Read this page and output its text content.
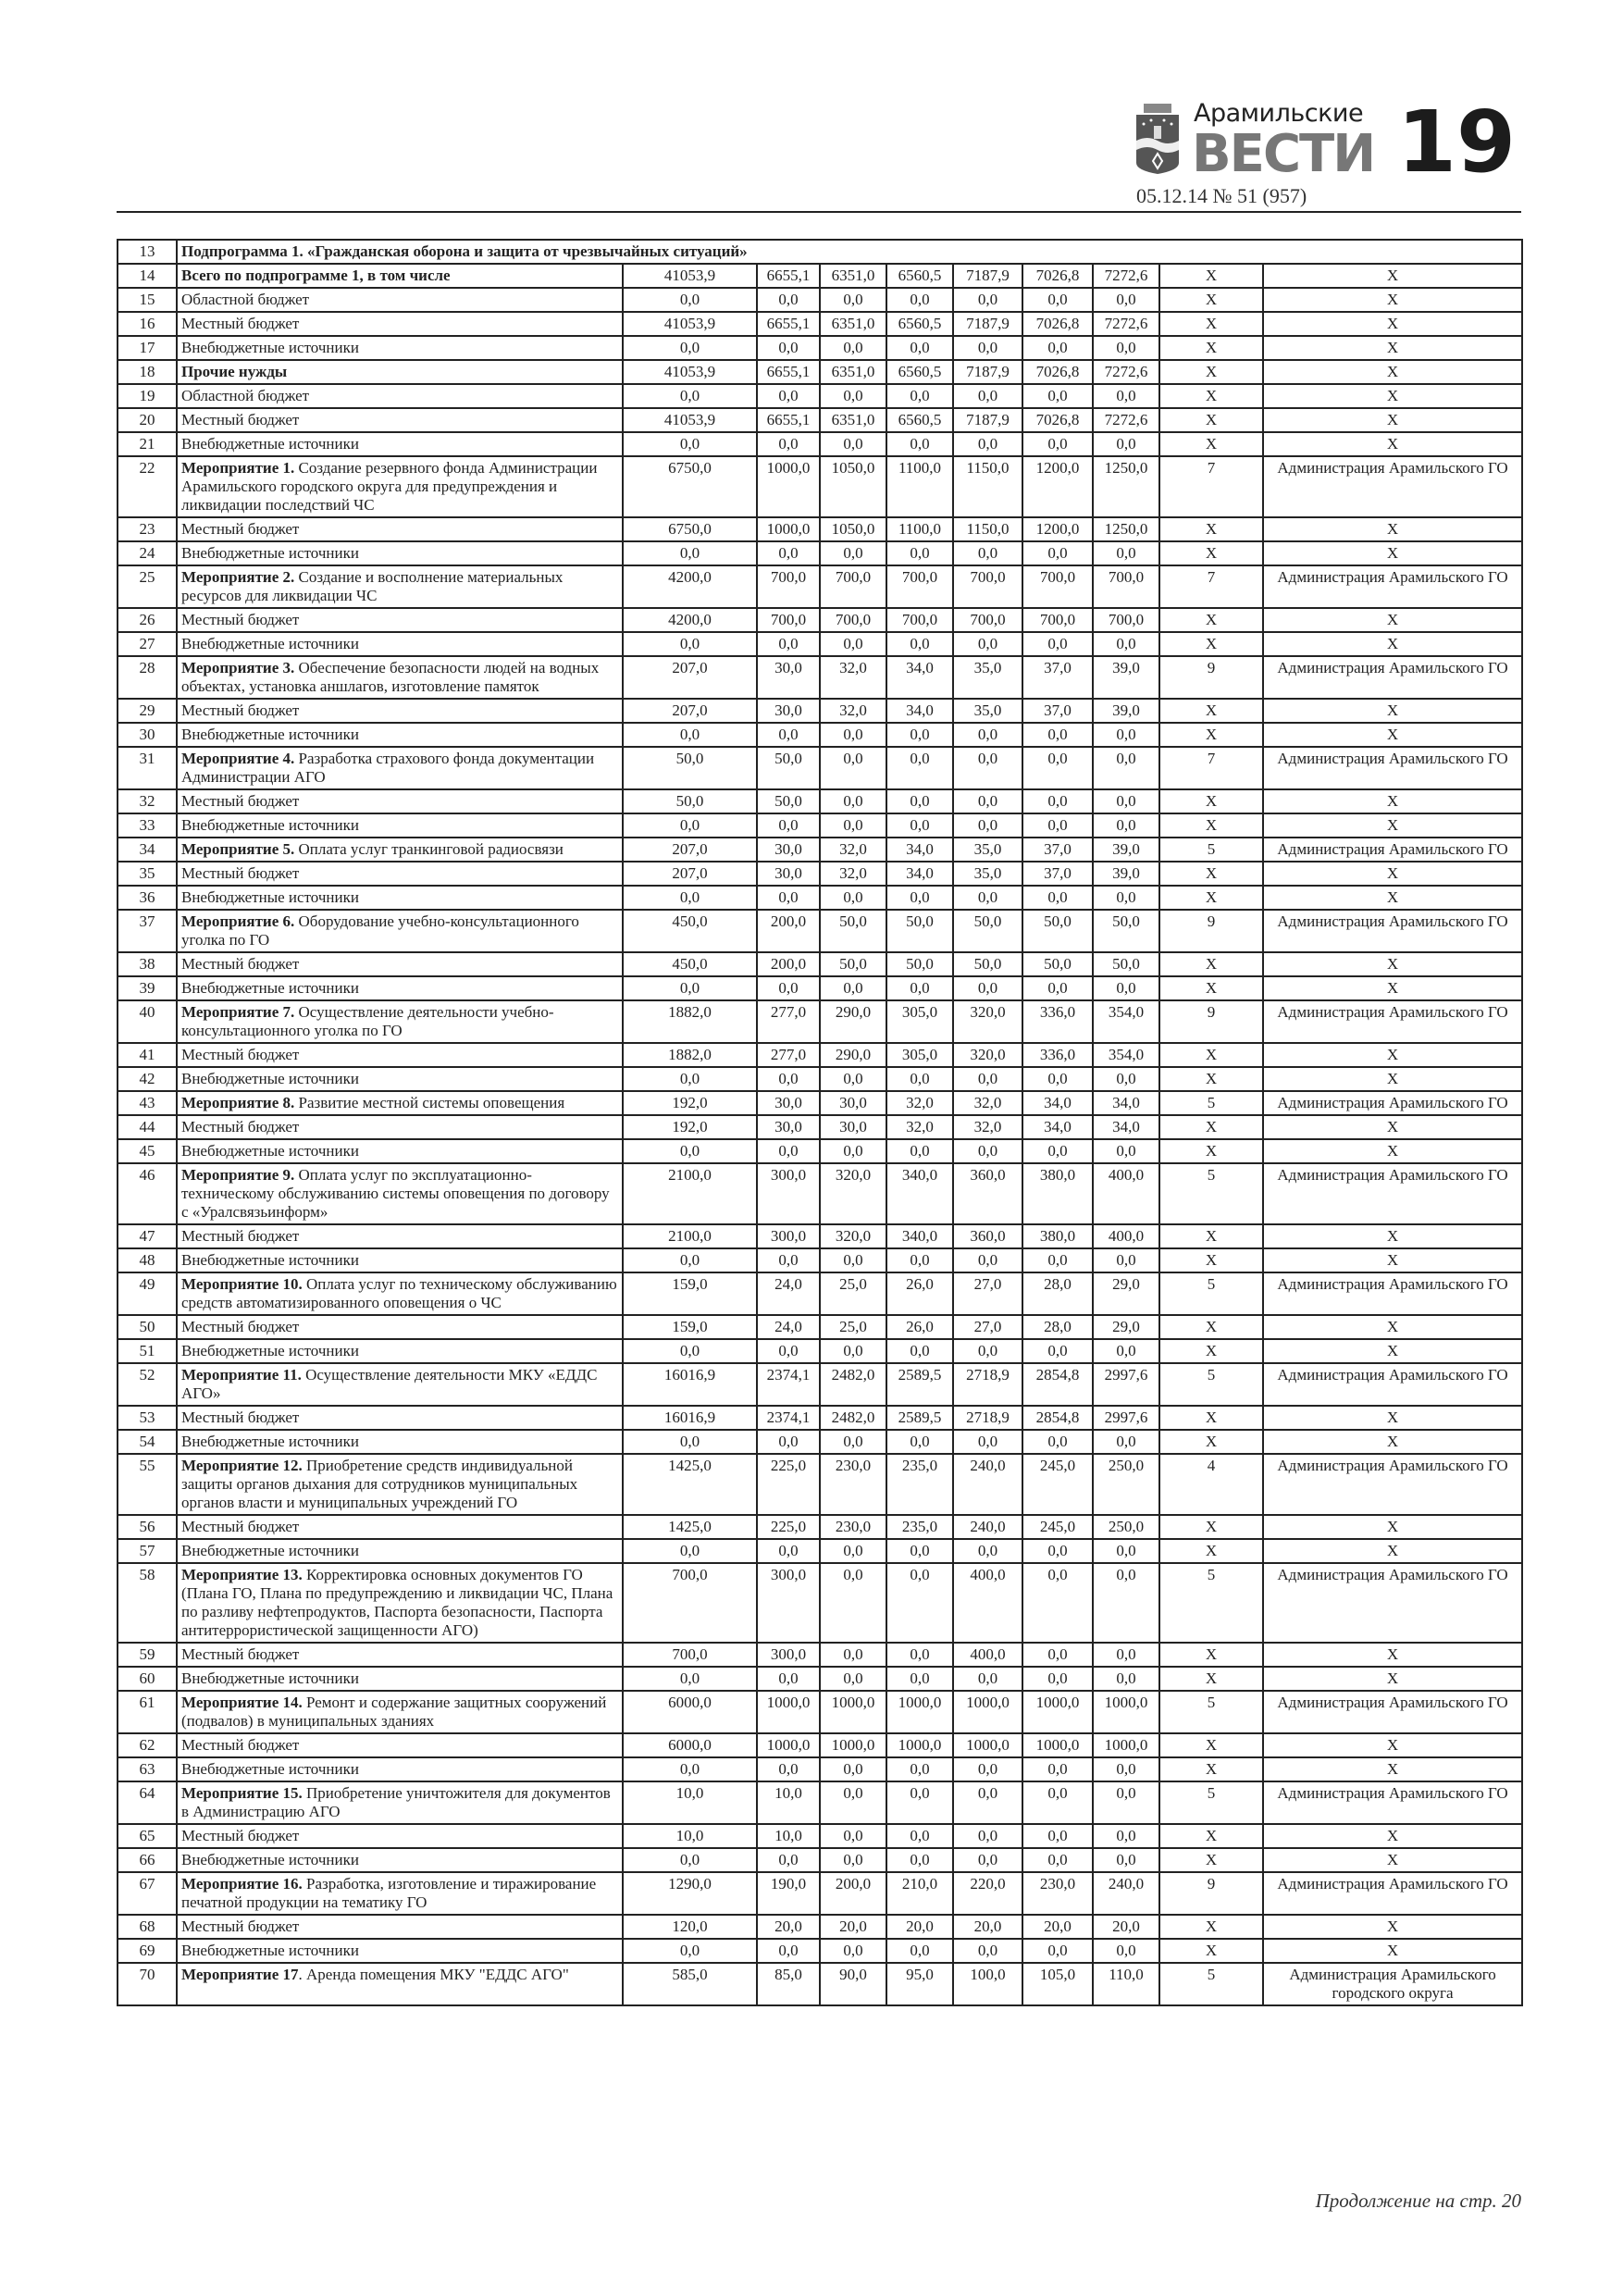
Арамильские
ВЕСТИ 19
05.12.14 № 51 (957)
13	Подпрограмма 1. «Гражданская оборона и защита от чрезвычайных ситуаций»									
14	Всего по подпрограмме 1, в том числе	41053,9	6655,1	6351,0	6560,5	7187,9	7026,8	7272,6	X	X
15	Областной бюджет	0,0	0,0	0,0	0,0	0,0	0,0	0,0	X	X
16	Местный бюджет	41053,9	6655,1	6351,0	6560,5	7187,9	7026,8	7272,6	X	X
17	Внебюджетные источники	0,0	0,0	0,0	0,0	0,0	0,0	0,0	X	X
18	Прочие нужды	41053,9	6655,1	6351,0	6560,5	7187,9	7026,8	7272,6	X	X
19	Областной бюджет	0,0	0,0	0,0	0,0	0,0	0,0	0,0	X	X
20	Местный бюджет	41053,9	6655,1	6351,0	6560,5	7187,9	7026,8	7272,6	X	X
21	Внебюджетные источники	0,0	0,0	0,0	0,0	0,0	0,0	0,0	X	X
22	Мероприятие 1. Создание резервного фонда Администрации Арамильского городского округа для предупреждения и ликвидации последствий ЧС	6750,0	1000,0	1050,0	1100,0	1150,0	1200,0	1250,0	7	Администрация Арамильского ГО
23	Местный бюджет	6750,0	1000,0	1050,0	1100,0	1150,0	1200,0	1250,0	X	X
24	Внебюджетные источники	0,0	0,0	0,0	0,0	0,0	0,0	0,0	X	X
25	Мероприятие 2. Создание и восполнение материальных ресурсов для ликвидации ЧС	4200,0	700,0	700,0	700,0	700,0	700,0	700,0	7	Администрация Арамильского ГО
26	Местный бюджет	4200,0	700,0	700,0	700,0	700,0	700,0	700,0	X	X
27	Внебюджетные источники	0,0	0,0	0,0	0,0	0,0	0,0	0,0	X	X
28	Мероприятие 3. Обеспечение безопасности людей на водных объектах, установка аншлагов, изготовление памяток	207,0	30,0	32,0	34,0	35,0	37,0	39,0	9	Администрация Арамильского ГО
29	Местный бюджет	207,0	30,0	32,0	34,0	35,0	37,0	39,0	X	X
30	Внебюджетные источники	0,0	0,0	0,0	0,0	0,0	0,0	0,0	X	X
31	Мероприятие 4. Разработка страхового фонда документации Администрации АГО	50,0	50,0	0,0	0,0	0,0	0,0	0,0	7	Администрация Арамильского ГО
32	Местный бюджет	50,0	50,0	0,0	0,0	0,0	0,0	0,0	X	X
33	Внебюджетные источники	0,0	0,0	0,0	0,0	0,0	0,0	0,0	X	X
34	Мероприятие 5. Оплата услуг транкинговой радиосвязи	207,0	30,0	32,0	34,0	35,0	37,0	39,0	5	Администрация Арамильского ГО
35	Местный бюджет	207,0	30,0	32,0	34,0	35,0	37,0	39,0	X	X
36	Внебюджетные источники	0,0	0,0	0,0	0,0	0,0	0,0	0,0	X	X
37	Мероприятие 6. Оборудование учебно-консультационного уголка по ГО	450,0	200,0	50,0	50,0	50,0	50,0	50,0	9	Администрация Арамильского ГО
38	Местный бюджет	450,0	200,0	50,0	50,0	50,0	50,0	50,0	X	X
39	Внебюджетные источники	0,0	0,0	0,0	0,0	0,0	0,0	0,0	X	X
40	Мероприятие 7. Осуществление деятельности учебно-консультационного уголка по ГО	1882,0	277,0	290,0	305,0	320,0	336,0	354,0	9	Администрация Арамильского ГО
41	Местный бюджет	1882,0	277,0	290,0	305,0	320,0	336,0	354,0	X	X
42	Внебюджетные источники	0,0	0,0	0,0	0,0	0,0	0,0	0,0	X	X
43	Мероприятие 8. Развитие местной системы оповещения	192,0	30,0	30,0	32,0	32,0	34,0	34,0	5	Администрация Арамильского ГО
44	Местный бюджет	192,0	30,0	30,0	32,0	32,0	34,0	34,0	X	X
45	Внебюджетные источники	0,0	0,0	0,0	0,0	0,0	0,0	0,0	X	X
46	Мероприятие 9. Оплата услуг по эксплуатационно-техническому обслуживанию системы оповещения по договору с «Уралсвязьинформ»	2100,0	300,0	320,0	340,0	360,0	380,0	400,0	5	Администрация Арамильского ГО
47	Местный бюджет	2100,0	300,0	320,0	340,0	360,0	380,0	400,0	X	X
48	Внебюджетные источники	0,0	0,0	0,0	0,0	0,0	0,0	0,0	X	X
49	Мероприятие 10. Оплата услуг по техническому обслуживанию средств автоматизированного оповещения о ЧС	159,0	24,0	25,0	26,0	27,0	28,0	29,0	5	Администрация Арамильского ГО
50	Местный бюджет	159,0	24,0	25,0	26,0	27,0	28,0	29,0	X	X
51	Внебюджетные источники	0,0	0,0	0,0	0,0	0,0	0,0	0,0	X	X
52	Мероприятие 11. Осуществление деятельности МКУ «ЕДДС АГО»	16016,9	2374,1	2482,0	2589,5	2718,9	2854,8	2997,6	5	Администрация Арамильского ГО
53	Местный бюджет	16016,9	2374,1	2482,0	2589,5	2718,9	2854,8	2997,6	X	X
54	Внебюджетные источники	0,0	0,0	0,0	0,0	0,0	0,0	0,0	X	X
55	Мероприятие 12. Приобретение средств индивидуальной защиты органов дыхания для сотрудников муниципальных органов власти и муниципальных учреждений ГО	1425,0	225,0	230,0	235,0	240,0	245,0	250,0	4	Администрация Арамильского ГО
56	Местный бюджет	1425,0	225,0	230,0	235,0	240,0	245,0	250,0	X	X
57	Внебюджетные источники	0,0	0,0	0,0	0,0	0,0	0,0	0,0	X	X
58	Мероприятие 13. Корректировка основных документов ГО (Плана ГО, Плана по предупреждению и ликвидации ЧС, Плана по разливу нефтепродуктов, Паспорта безопасности, Паспорта антитеррористической защищенности АГО)	700,0	300,0	0,0	0,0	400,0	0,0	0,0	5	Администрация Арамильского ГО
59	Местный бюджет	700,0	300,0	0,0	0,0	400,0	0,0	0,0	X	X
60	Внебюджетные источники	0,0	0,0	0,0	0,0	0,0	0,0	0,0	X	X
61	Мероприятие 14. Ремонт и содержание защитных сооружений (подвалов) в муниципальных зданиях	6000,0	1000,0	1000,0	1000,0	1000,0	1000,0	1000,0	5	Администрация Арамильского ГО
62	Местный бюджет	6000,0	1000,0	1000,0	1000,0	1000,0	1000,0	1000,0	X	X
63	Внебюджетные источники	0,0	0,0	0,0	0,0	0,0	0,0	0,0	X	X
64	Мероприятие 15. Приобретение уничтожителя для документов в Администрацию АГО	10,0	10,0	0,0	0,0	0,0	0,0	0,0	5	Администрация Арамильского ГО
65	Местный бюджет	10,0	10,0	0,0	0,0	0,0	0,0	0,0	X	X
66	Внебюджетные источники	0,0	0,0	0,0	0,0	0,0	0,0	0,0	X	X
67	Мероприятие 16. Разработка, изготовление и тиражирование печатной продукции на тематику ГО	1290,0	190,0	200,0	210,0	220,0	230,0	240,0	9	Администрация Арамильского ГО
68	Местный бюджет	120,0	20,0	20,0	20,0	20,0	20,0	20,0	X	X
69	Внебюджетные источники	0,0	0,0	0,0	0,0	0,0	0,0	0,0	X	X
70	Мероприятие 17. Аренда помещения МКУ "ЕДДС АГО"	585,0	85,0	90,0	95,0	100,0	105,0	110,0	5	Администрация Арамильского городского округа
Продолжение на стр. 20
